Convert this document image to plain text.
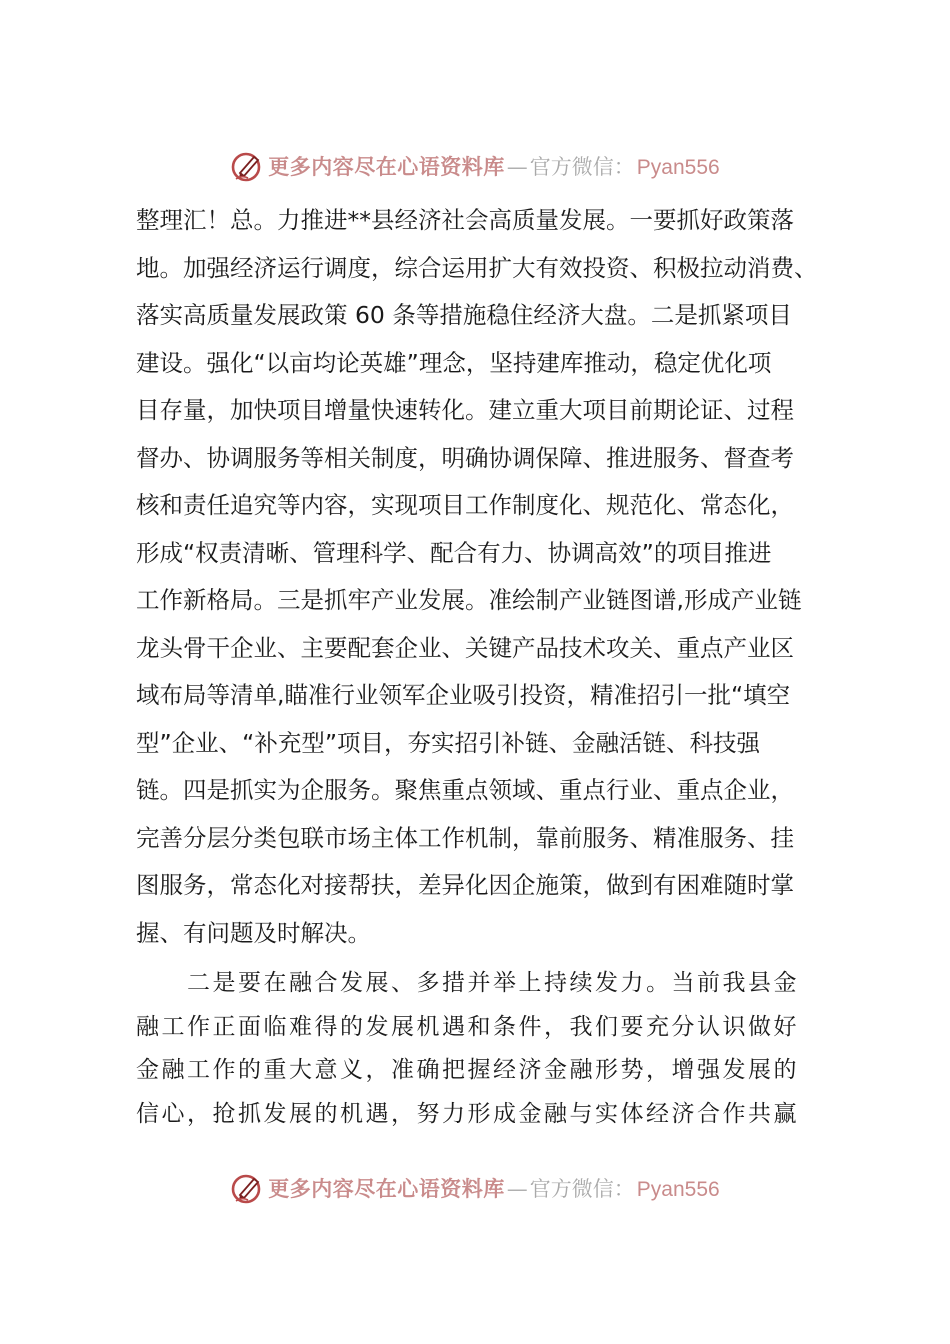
更多内容尽在心语资料库 — 官方微信： Pyan556
整理汇！总。力推进**县经济社会高质量发展。一要抓好政策落
地。加强经济运行调度，综合运用扩大有效投资、积极拉动消费、
落实高质量发展政策 60 条等措施稳住经济大盘。二是抓紧项目
建设。强化“以亩均论英雄”理念，坚持建库推动，稳定优化项
目存量，加快项目增量快速转化。建立重大项目前期论证、过程
督办、协调服务等相关制度，明确协调保障、推进服务、督查考
核和责任追究等内容，实现项目工作制度化、规范化、常态化，
形成“权责清晰、管理科学、配合有力、协调高效”的项目推进
工作新格局。三是抓牢产业发展。准绘制产业链图谱,形成产业链
龙头骨干企业、主要配套企业、关键产品技术攻关、重点产业区
域布局等清单,瞄准行业领军企业吸引投资，精准招引一批“填空
型”企业、“补充型”项目，夯实招引补链、金融活链、科技强
链。四是抓实为企服务。聚焦重点领域、重点行业、重点企业，
完善分层分类包联市场主体工作机制，靠前服务、精准服务、挂
图服务，常态化对接帮扶，差异化因企施策，做到有困难随时掌
握、有问题及时解决。
　　二是要在融合发展、多措并举上持续发力。当前我县金
融工作正面临难得的发展机遇和条件，我们要充分认识做好
金融工作的重大意义，准确把握经济金融形势，增强发展的
信心，抢抓发展的机遇，努力形成金融与实体经济合作共赢
更多内容尽在心语资料库 — 官方微信： Pyan556
